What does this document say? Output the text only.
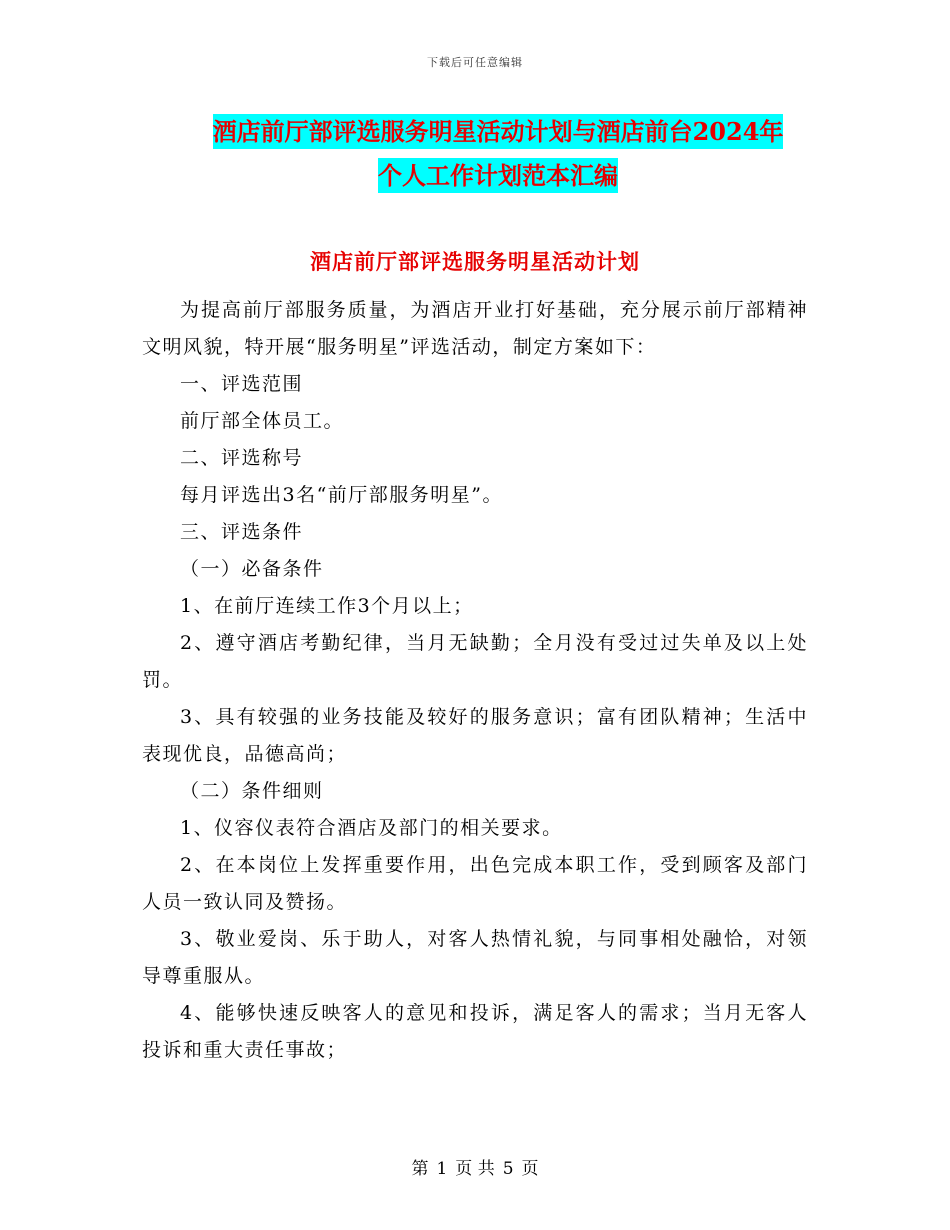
下载后可任意编辑
酒店前厅部评选服务明星活动计划与酒店前台2024年
个人工作计划范本汇编
酒店前厅部评选服务明星活动计划

为提高前厅部服务质量，为酒店开业打好基础，充分展示前厅部精神文明风貌，特开展“服务明星”评选活动，制定方案如下：

一、评选范围

前厅部全体员工。

二、评选称号

每月评选出3名“前厅部服务明星”。

三、评选条件

（一）必备条件

1、在前厅连续工作3个月以上；

2、遵守酒店考勤纪律，当月无缺勤；全月没有受过过失单及以上处罚。

3、具有较强的业务技能及较好的服务意识；富有团队精神；生活中表现优良，品德高尚；

（二）条件细则

1、仪容仪表符合酒店及部门的相关要求。

2、在本岗位上发挥重要作用，出色完成本职工作，受到顾客及部门人员一致认同及赞扬。

3、敬业爱岗、乐于助人，对客人热情礼貌，与同事相处融恰，对领导尊重服从。

4、能够快速反映客人的意见和投诉，满足客人的需求；当月无客人投诉和重大责任事故；

第 1 页 共 5 页
